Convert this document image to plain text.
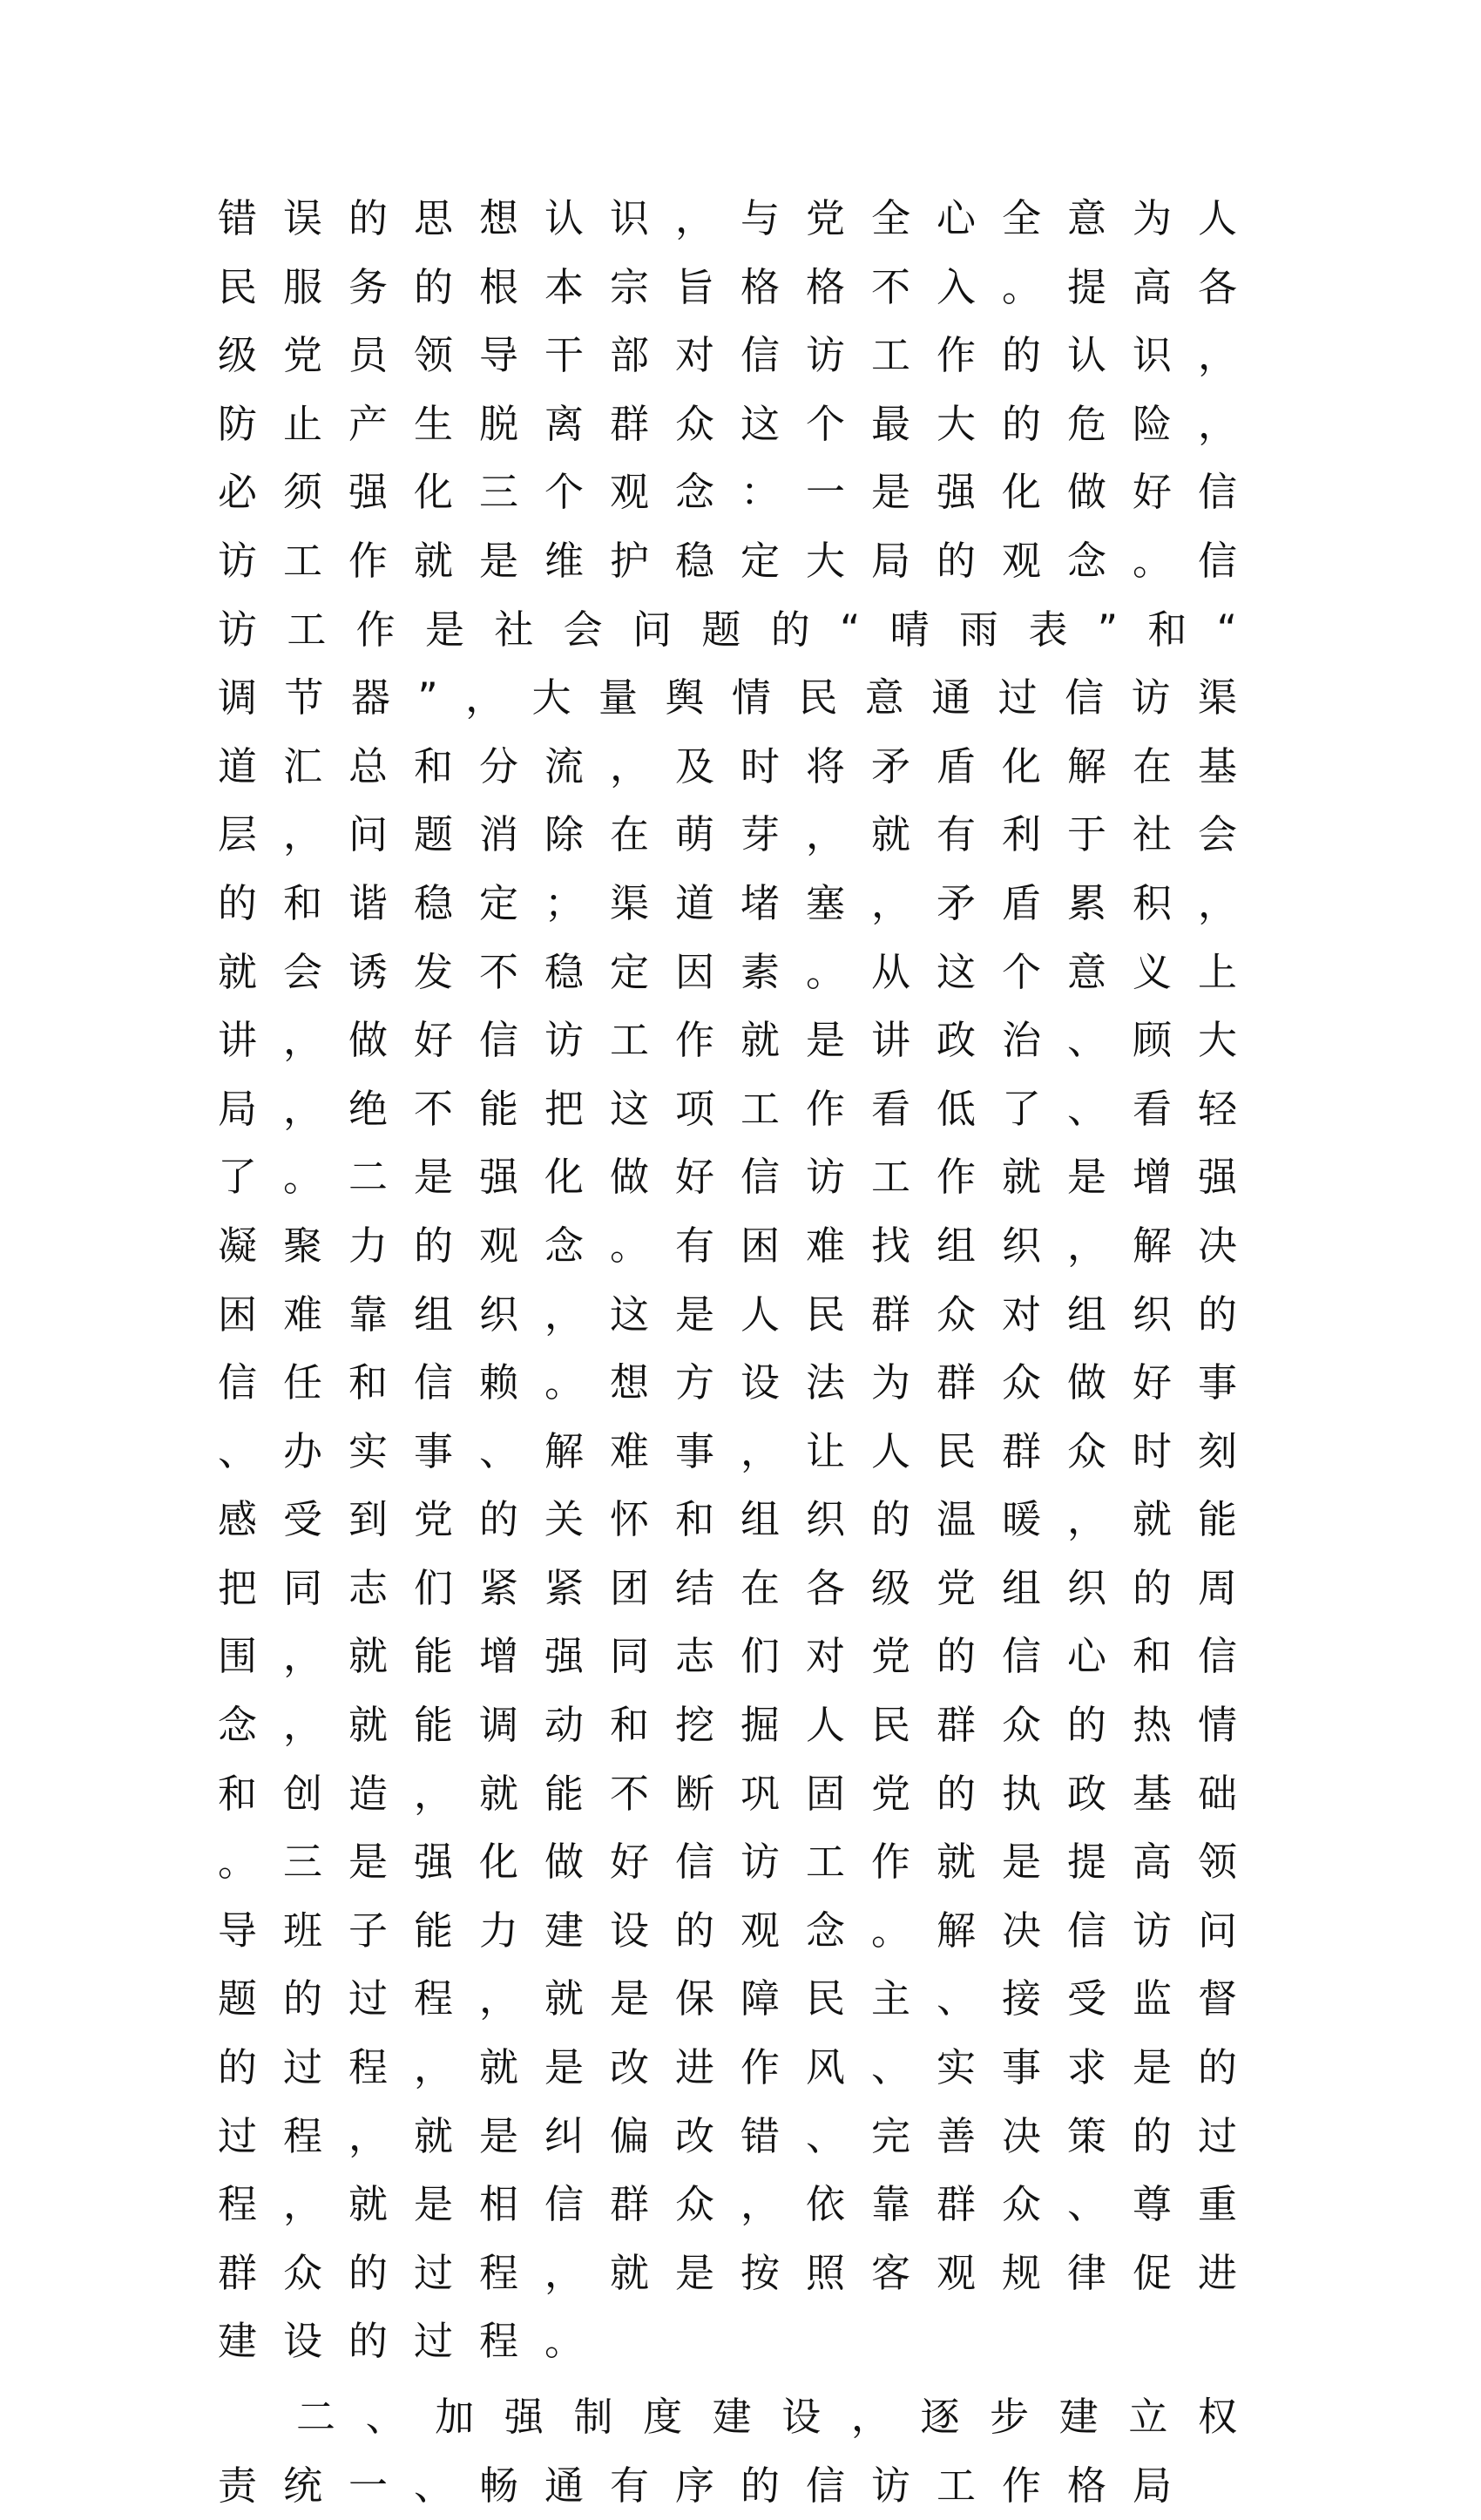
错误的思想认识，与党全心全意为人民服务的根本宗旨格格不入。提高各级党员领导干部对信访工作的认识，防止产生脱离群众这个最大的危险，必须强化三个观念：一是强化做好信访工作就是维护稳定大局的观念。信访工作是社会问题的“晴雨表”和“调节器”，大量舆情民意通过信访渠道汇总和分流，及时将矛盾化解在基层，问题消除在萌芽，就有利于社会的和谐稳定；渠道堵塞，矛盾累积，就会诱发不稳定因素。从这个意义上讲，做好信访工作就是讲政治、顾大局，绝不能把这项工作看低了、看轻了。二是强化做好信访工作就是增强凝聚力的观念。有困难找组织，解决困难靠组织，这是人民群众对组织的信任和信赖。想方设法为群众做好事、办实事、解难事，让人民群众时刻感受到党的关怀和组织的温暖，就能把同志们紧紧团结在各级党组织的周围，就能增强同志们对党的信心和信念，就能调动和挖掘人民群众的热情和创造，就能不断巩固党的执政基础。三是强化做好信访工作就是提高领导班子能力建设的观念。解决信访问题的过程，就是保障民主、接受监督的过程，就是改进作风、实事求是的过程，就是纠偏改错、完善决策的过程，就是相信群众，依靠群众、尊重群众的过程，就是按照客观规律促进建设的过程。

二、加强制度建设，逐步建立权责统一、畅通有序的信访工作格局
